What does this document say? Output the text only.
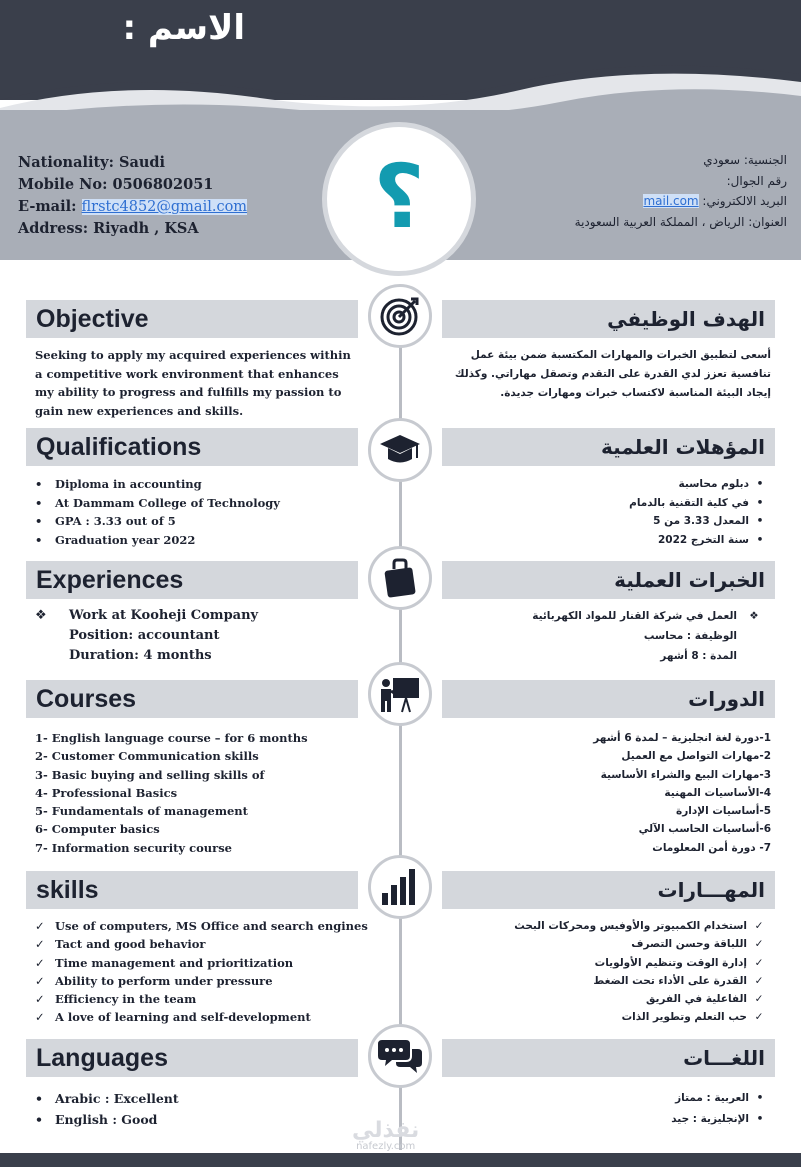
الاسم :
Nationality: Saudi
Mobile No: 0506802051
E-mail: flrstc4852@gmail.com
Address: Riyadh , KSA
الجنسية: سعودي
رقم الجوال:
البريد الالكتروني: mail.com
العنوان: الرياض ، المملكة العربية السعودية
؟
Objective	الهدف الوظيفي
Seeking to apply my acquired experiences within
a competitive work environment that enhances
my ability to progress and fulfills my passion to
gain new experiences and skills.
أسعى لتطبيق الخبرات والمهارات المكتسبة ضمن بيئة عمل
تنافسية تعزز لدي القدرة على التقدم وتصقل مهاراتي. وكذلك
إيجاد البيئة المناسبة لاكتساب خبرات ومهارات جديدة.
Qualifications	المؤهلات العلمية
• Diploma in accounting
• At Dammam College of Technology
• GPA : 3.33 out of 5
• Graduation year 2022
• دبلوم محاسبة
• في كلية التقنية بالدمام
• المعدل 3.33 من 5
• سنة التخرج 2022
Experiences	الخبرات العملية
❖ Work at Kooheji Company
Position: accountant
Duration: 4 months
❖العمل في شركة القنار للمواد الكهربائية
الوظيفة : محاسب
المدة : 8 أشهر
Courses	الدورات
1- English language course – for 6 months
2- Customer Communication skills
3- Basic buying and selling skills of
4- Professional Basics
5- Fundamentals of management
6- Computer basics
7- Information security course
1-دورة لغة انجليزية – لمدة 6 أشهر
2-مهارات التواصل مع العميل
3-مهارات البيع والشراء الأساسية
4-الأساسيات المهنية
5-أساسيات الإدارة
6-أساسيات الحاسب الآلي
7- دورة أمن المعلومات
skills	المهـــارات
✓ Use of computers, MS Office and search engines
✓ Tact and good behavior
✓ Time management and prioritization
✓ Ability to perform under pressure
✓ Efficiency in the team
✓ A love of learning and self-development
✓ استخدام الكمبيوتر والأوفيس ومحركات البحث
✓ اللباقة وحسن التصرف
✓ إدارة الوقت وتنظيم الأولويات
✓ القدرة على الأداء تحت الضغط
✓ الفاعلية في الفريق
✓ حب التعلم وتطوير الذات
Languages	اللغـــات
• Arabic : Excellent
• English : Good
• العربية : ممتاز
• الإنجليزية : جيد
نفذلي
nafezly.com
